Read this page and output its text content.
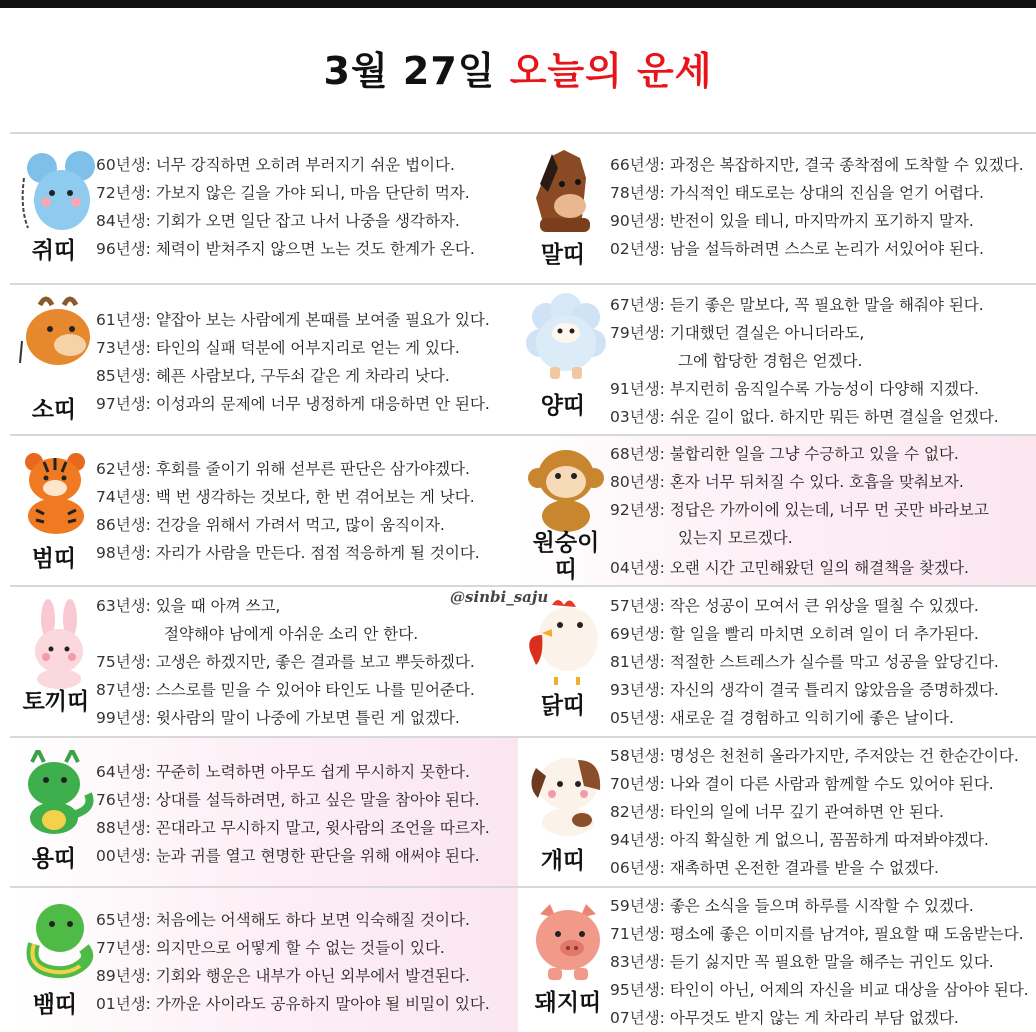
3월 27일 오늘의 운세
쥐띠
60년생: 너무 강직하면 오히려 부러지기 쉬운 법이다.
72년생: 가보지 않은 길을 가야 되니, 마음 단단히 먹자.
84년생: 기회가 오면 일단 잡고 나서 나중을 생각하자.
96년생: 체력이 받쳐주지 않으면 노는 것도 한계가 온다.	말띠
66년생: 과정은 복잡하지만, 결국 종착점에 도착할 수 있겠다.
78년생: 가식적인 태도로는 상대의 진심을 얻기 어렵다.
90년생: 반전이 있을 테니, 마지막까지 포기하지 말자.
02년생: 남을 설득하려면 스스로 논리가 서있어야 된다.
소띠
61년생: 얕잡아 보는 사람에게 본때를 보여줄 필요가 있다.
73년생: 타인의 실패 덕분에 어부지리로 얻는 게 있다.
85년생: 헤픈 사람보다, 구두쇠 같은 게 차라리 낫다.
97년생: 이성과의 문제에 너무 냉정하게 대응하면 안 된다.	양띠
67년생: 듣기 좋은 말보다, 꼭 필요한 말을 해줘야 된다.
79년생: 기대했던 결실은 아니더라도,
그에 합당한 경험은 얻겠다.
91년생: 부지런히 움직일수록 가능성이 다양해 지겠다.
03년생: 쉬운 길이 없다. 하지만 뭐든 하면 결실을 얻겠다.
범띠
62년생: 후회를 줄이기 위해 섣부른 판단은 삼가야겠다.
74년생: 백 번 생각하는 것보다, 한 번 겪어보는 게 낫다.
86년생: 건강을 위해서 가려서 먹고, 많이 움직이자.
98년생: 자리가 사람을 만든다. 점점 적응하게 될 것이다.	원숭이
띠
68년생: 불합리한 일을 그냥 수긍하고 있을 수 없다.
80년생: 혼자 너무 뒤처질 수 있다. 호흡을 맞춰보자.
92년생: 정답은 가까이에 있는데, 너무 먼 곳만 바라보고
있는지 모르겠다.
04년생: 오랜 시간 고민해왔던 일의 해결책을 찾겠다.
@sinbi_saju
토끼띠
63년생: 있을 때 아껴 쓰고,
절약해야 남에게 아쉬운 소리 안 한다.
75년생: 고생은 하겠지만, 좋은 결과를 보고 뿌듯하겠다.
87년생: 스스로를 믿을 수 있어야 타인도 나를 믿어준다.
99년생: 윗사람의 말이 나중에 가보면 틀린 게 없겠다.	닭띠
57년생: 작은 성공이 모여서 큰 위상을 떨칠 수 있겠다.
69년생: 할 일을 빨리 마치면 오히려 일이 더 추가된다.
81년생: 적절한 스트레스가 실수를 막고 성공을 앞당긴다.
93년생: 자신의 생각이 결국 틀리지 않았음을 증명하겠다.
05년생: 새로운 걸 경험하고 익히기에 좋은 날이다.
용띠
64년생: 꾸준히 노력하면 아무도 쉽게 무시하지 못한다.
76년생: 상대를 설득하려면, 하고 싶은 말을 참아야 된다.
88년생: 꼰대라고 무시하지 말고, 윗사람의 조언을 따르자.
00년생: 눈과 귀를 열고 현명한 판단을 위해 애써야 된다.	개띠
58년생: 명성은 천천히 올라가지만, 주저앉는 건 한순간이다.
70년생: 나와 결이 다른 사람과 함께할 수도 있어야 된다.
82년생: 타인의 일에 너무 깊기 관여하면 안 된다.
94년생: 아직 확실한 게 없으니, 꼼꼼하게 따져봐야겠다.
06년생: 재촉하면 온전한 결과를 받을 수 없겠다.
뱀띠
65년생: 처음에는 어색해도 하다 보면 익숙해질 것이다.
77년생: 의지만으로 어떻게 할 수 없는 것들이 있다.
89년생: 기회와 행운은 내부가 아닌 외부에서 발견된다.
01년생: 가까운 사이라도 공유하지 말아야 될 비밀이 있다.	돼지띠
59년생: 좋은 소식을 들으며 하루를 시작할 수 있겠다.
71년생: 평소에 좋은 이미지를 남겨야, 필요할 때 도움받는다.
83년생: 듣기 싫지만 꼭 필요한 말을 해주는 귀인도 있다.
95년생: 타인이 아닌, 어제의 자신을 비교 대상을 삼아야 된다.
07년생: 아무것도 받지 않는 게 차라리 부담 없겠다.
